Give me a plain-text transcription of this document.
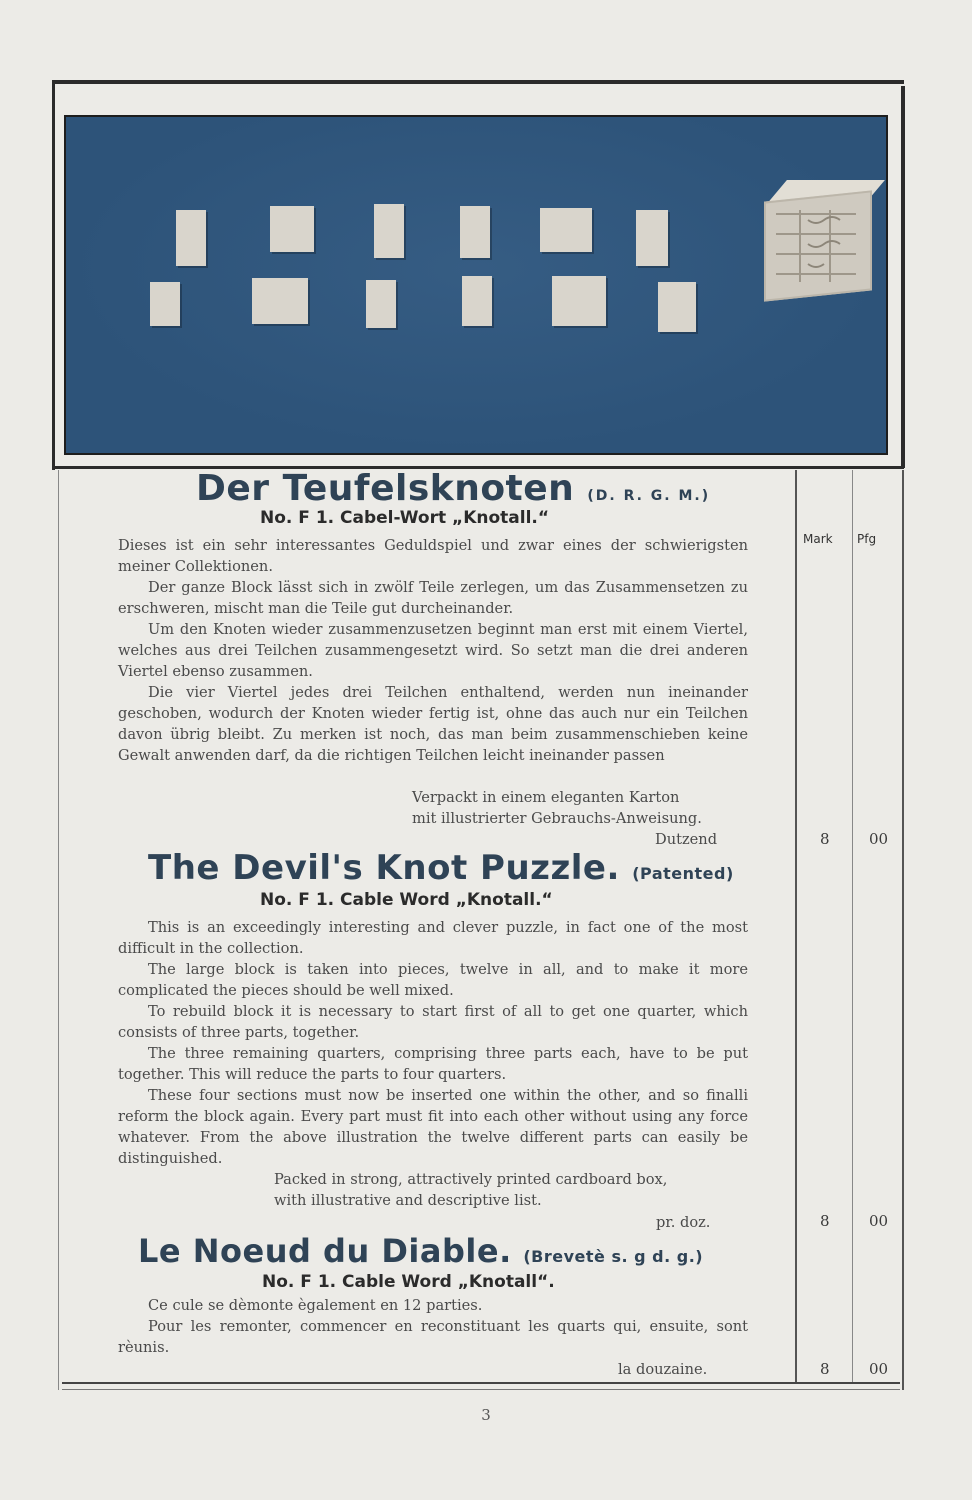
Mark Pfg
Der Teufelsknoten (D. R. G. M.)
No. F 1. Cabel-Wort „Knotall.“

Dieses ist ein sehr interessantes Geduldspiel und zwar eines der schwierigsten meiner Collektionen.

Der ganze Block lässt sich in zwölf Teile zerlegen, um das Zusammensetzen zu erschweren, mischt man die Teile gut durcheinander.

Um den Knoten wieder zusammenzusetzen beginnt man erst mit einem Viertel, welches aus drei Teilchen zusammengesetzt wird. So setzt man die drei anderen Viertel ebenso zusammen.

Die vier Viertel jedes drei Teilchen enthaltend, werden nun ineinander geschoben, wodurch der Knoten wieder fertig ist, ohne das auch nur ein Teilchen davon übrig bleibt. Zu merken ist noch, das man beim zusammenschieben keine Gewalt anwenden darf, da die richtigen Teilchen leicht ineinander passen

Verpackt in einem eleganten Karton
mit illustrierter Gebrauchs-Anweisung.
Dutzend	8	00
The Devil's Knot Puzzle. (Patented)
No. F 1. Cable Word „Knotall.“

This is an exceedingly interesting and clever puzzle, in fact one of the most difficult in the collection.

The large block is taken into pieces, twelve in all, and to make it more complicated the pieces should be well mixed.

To rebuild block it is necessary to start first of all to get one quarter, which consists of three parts, together.

The three remaining quarters, comprising three parts each, have to be put together. This will reduce the parts to four quarters.

These four sections must now be inserted one within the other, and so finalli reform the block again. Every part must fit into each other without using any force whatever. From the above illustration the twelve different parts can easily be distinguished.

Packed in strong, attractively printed cardboard box,
with illustrative and descriptive list.
pr. doz.	8	00
Le Noeud du Diable. (Brevetè s. g d. g.)
No. F 1. Cable Word „Knotall“.

Ce cule se dèmonte ègalement en 12 parties.

Pour les remonter, commencer en reconstituant les quarts qui, ensuite, sont rèunis.

la douzaine.	8	00
3
